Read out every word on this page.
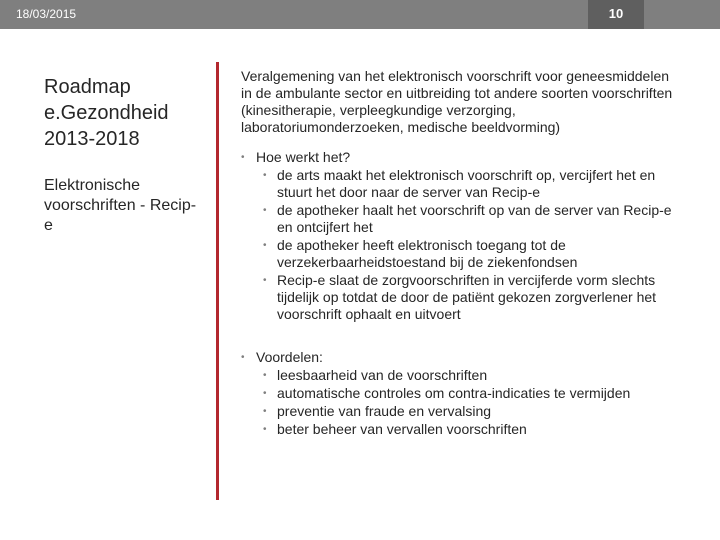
18/03/2015	10
Roadmap e.Gezondheid 2013-2018
Elektronische voorschriften - Recip-e

Veralgemening van het elektronisch voorschrift voor geneesmiddelen in de ambulante sector en uitbreiding tot andere soorten voorschriften (kinesitherapie, verpleegkundige verzorging, laboratoriumonderzoeken, medische beeldvorming)

• Hoe werkt het?
• de arts maakt het elektronisch voorschrift op, vercijfert het en stuurt het door naar de server van Recip-e
• de apotheker haalt het voorschrift op van de server van Recip-e en ontcijfert het
• de apotheker heeft elektronisch toegang tot de verzekerbaarheidstoestand bij de ziekenfondsen
• Recip-e slaat de zorgvoorschriften in vercijferde vorm slechts tijdelijk op totdat de door de patiënt gekozen zorgverlener het voorschrift ophaalt en uitvoert
• Voordelen:
• leesbaarheid van de voorschriften
• automatische controles om contra-indicaties te vermijden
• preventie van fraude en vervalsing
• beter beheer van vervallen voorschriften
